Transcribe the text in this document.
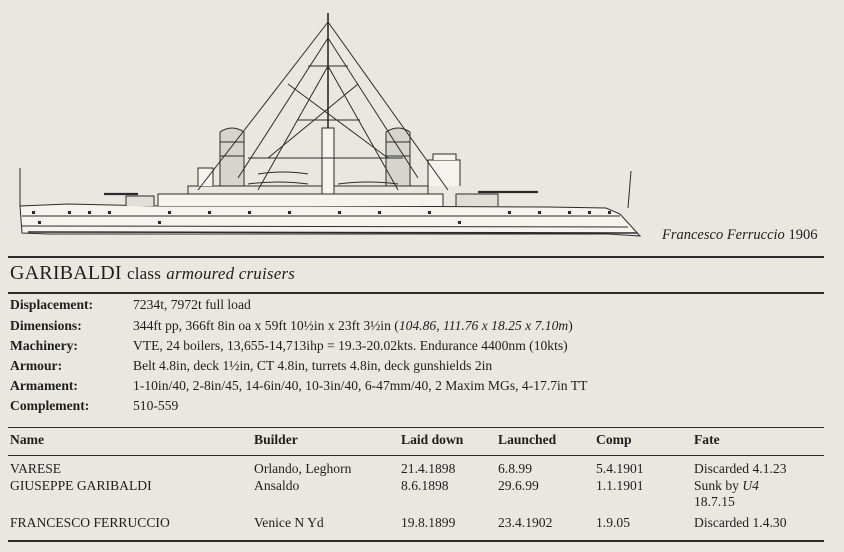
Francesco Ferruccio 1906
GARIBALDI class armoured cruisers
Displacement:	7234t, 7972t full load
Dimensions:	344ft pp, 366ft 8in oa x 59ft 10½in x 23ft 3½in (104.86, 111.76 x 18.25 x 7.10m)
Machinery:	VTE, 24 boilers, 13,655-14,713ihp = 19.3-20.02kts. Endurance 4400nm (10kts)
Armour:	Belt 4.8in, deck 1½in, CT 4.8in, turrets 4.8in, deck gunshields 2in
Armament:	1-10in/40, 2-8in/45, 14-6in/40, 10-3in/40, 6-47mm/40, 2 Maxim MGs, 4-17.7in TT
Complement:	510-559
Name	Builder	Laid down	Launched	Comp	Fate
VARESE	Orlando, Leghorn	21.4.1898	6.8.99	5.4.1901	Discarded 4.1.23
GIUSEPPE GARIBALDI	Ansaldo	8.6.1898	29.6.99	1.1.1901	Sunk by U4
18.7.15
FRANCESCO FERRUCCIO	Venice N Yd	19.8.1899	23.4.1902	1.9.05	Discarded 1.4.30
